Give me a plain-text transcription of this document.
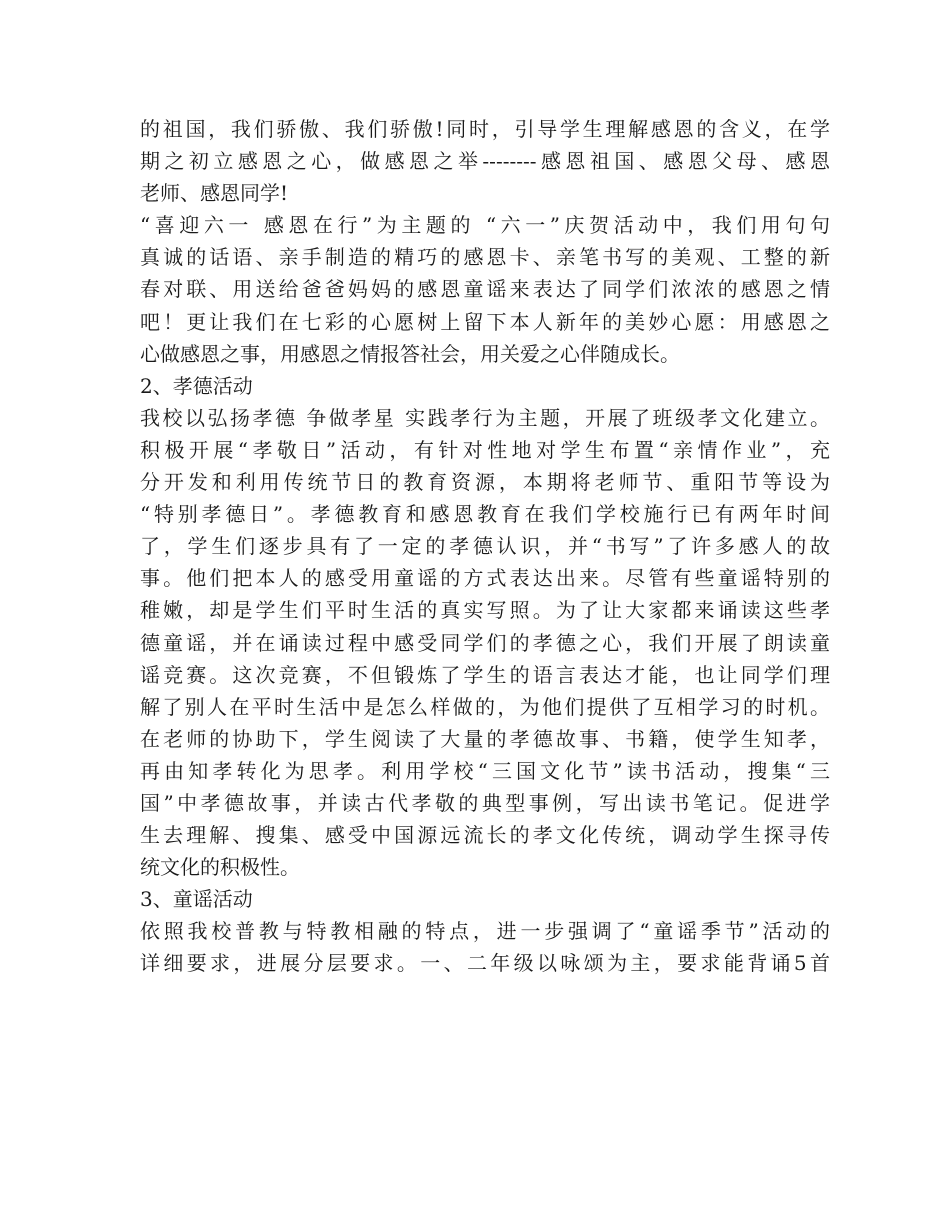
的祖国，我们骄傲、我们骄傲!同时，引导学生理解感恩的含义，在学
期之初立感恩之心，做感恩之举--------感恩祖国、感恩父母、感恩
老师、感恩同学!
“喜迎六一 感恩在行”为主题的 “六一”庆贺活动中，我们用句句
真诚的话语、亲手制造的精巧的感恩卡、亲笔书写的美观、工整的新
春对联、用送给爸爸妈妈的感恩童谣来表达了同学们浓浓的感恩之情
吧！更让我们在七彩的心愿树上留下本人新年的美妙心愿：用感恩之
心做感恩之事，用感恩之情报答社会，用关爱之心伴随成长。
2、孝德活动
我校以弘扬孝德 争做孝星 实践孝行为主题，开展了班级孝文化建立。
积极开展“孝敬日”活动，有针对性地对学生布置“亲情作业”，充
分开发和利用传统节日的教育资源，本期将老师节、重阳节等设为
“特别孝德日”。孝德教育和感恩教育在我们学校施行已有两年时间
了，学生们逐步具有了一定的孝德认识，并“书写”了许多感人的故
事。他们把本人的感受用童谣的方式表达出来。尽管有些童谣特别的
稚嫩，却是学生们平时生活的真实写照。为了让大家都来诵读这些孝
德童谣，并在诵读过程中感受同学们的孝德之心，我们开展了朗读童
谣竞赛。这次竞赛，不但锻炼了学生的语言表达才能，也让同学们理
解了别人在平时生活中是怎么样做的，为他们提供了互相学习的时机。
在老师的协助下，学生阅读了大量的孝德故事、书籍，使学生知孝，
再由知孝转化为思孝。利用学校“三国文化节”读书活动，搜集“三
国”中孝德故事，并读古代孝敬的典型事例，写出读书笔记。促进学
生去理解、搜集、感受中国源远流长的孝文化传统，调动学生探寻传
统文化的积极性。
3、童谣活动
依照我校普教与特教相融的特点，进一步强调了“童谣季节”活动的
详细要求，进展分层要求。一、二年级以咏颂为主，要求能背诵5首
